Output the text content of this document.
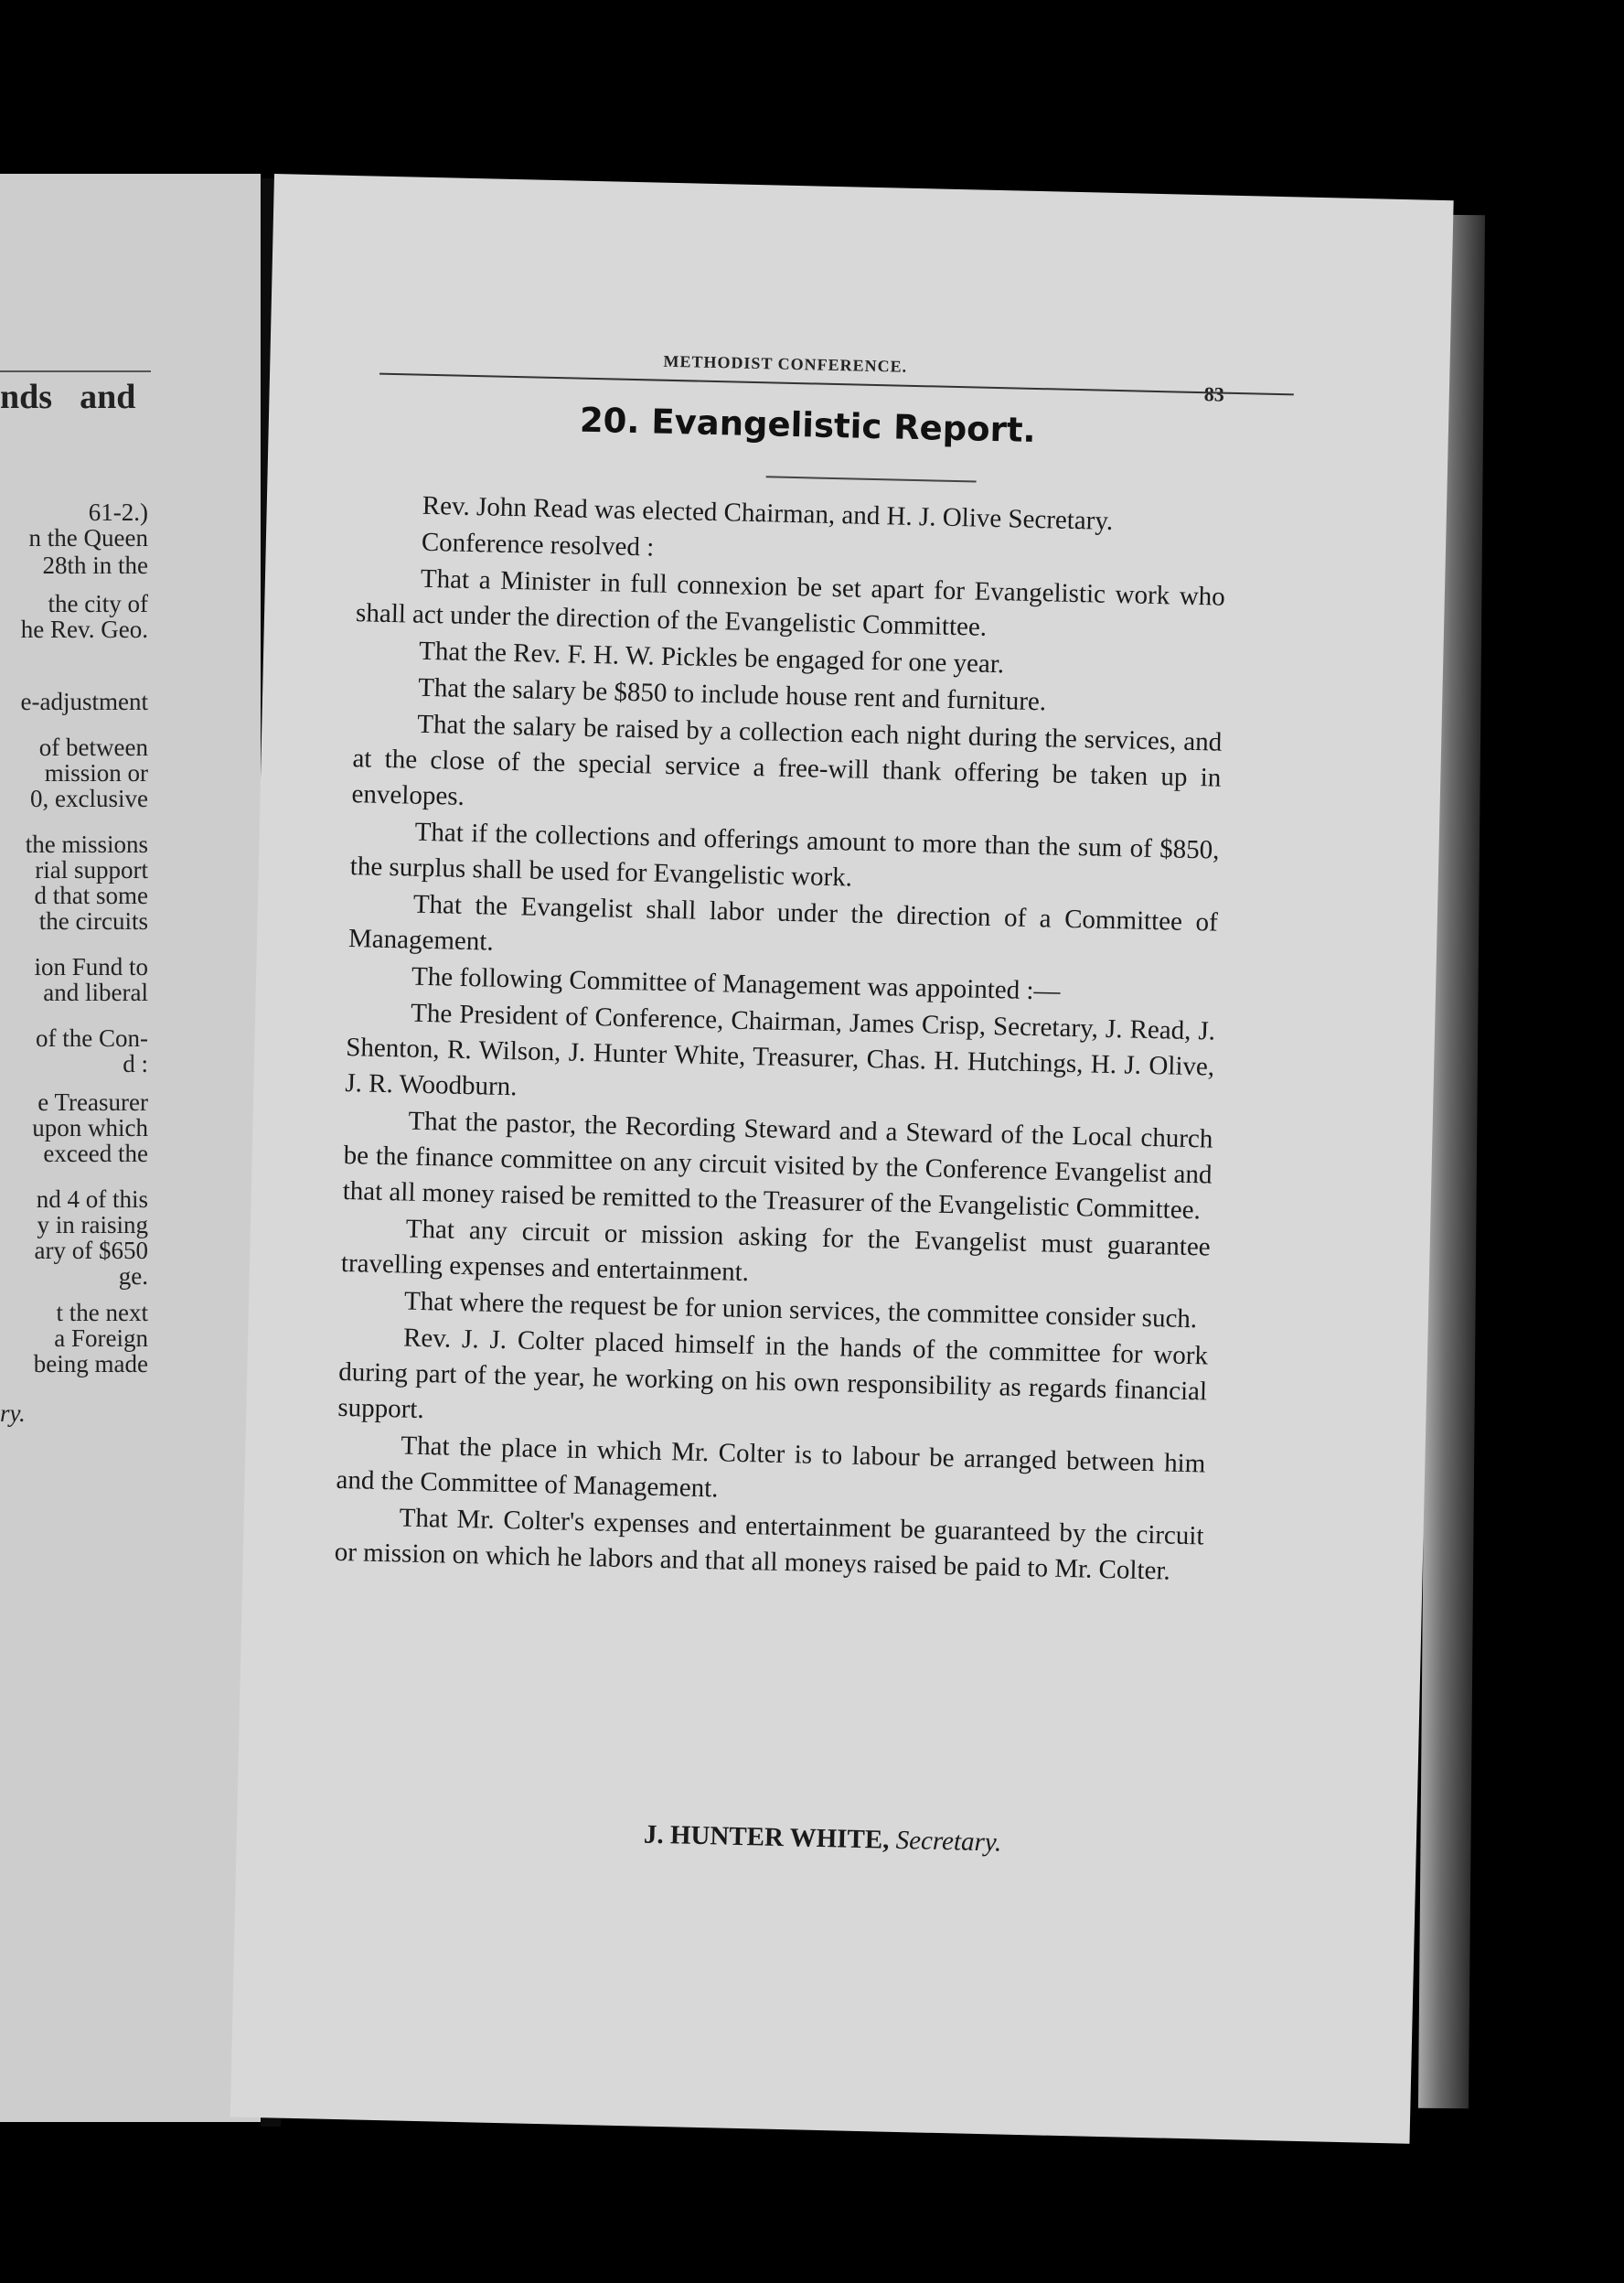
nds and
61-2.)
n the Queen
28th in the
the city of
he Rev. Geo.
e-adjustment
of between
mission or
0, exclusive
the missions
rial support
d that some
the circuits
ion Fund to
and liberal
of the Con-
d :
e Treasurer
upon which
exceed the
nd 4 of this
y in raising
ary of $650
ge.
t the next
a Foreign
being made
ry.
METHODIST CONFERENCE.
83
20. Evangelistic Report.

Rev. John Read was elected Chairman, and H. J. Olive Secretary.

Conference resolved :

That a Minister in full connexion be set apart for Evangelistic work who shall act under the direction of the Evangelistic Committee.

That the Rev. F. H. W. Pickles be engaged for one year.

That the salary be $850 to include house rent and furniture.

That the salary be raised by a collection each night during the services, and at the close of the special service a free-will thank offering be taken up in envelopes.

That if the collections and offerings amount to more than the sum of $850, the surplus shall be used for Evangelistic work.

That the Evangelist shall labor under the direction of a Committee of Management.

The following Committee of Management was appointed :—

The President of Conference, Chairman, James Crisp, Secretary, J. Read, J. Shenton, R. Wilson, J. Hunter White, Treasurer, Chas. H. Hutchings, H. J. Olive, J. R. Woodburn.

That the pastor, the Recording Steward and a Steward of the Local church be the finance committee on any circuit visited by the Conference Evangelist and that all money raised be remitted to the Treasurer of the Evangelistic Committee.

That any circuit or mission asking for the Evangelist must guarantee travelling expenses and entertainment.

That where the request be for union services, the committee consider such.

Rev. J. J. Colter placed himself in the hands of the committee for work during part of the year, he working on his own responsibility as regards financial support.

That the place in which Mr. Colter is to labour be arranged between him and the Committee of Management.

That Mr. Colter's expenses and entertainment be guaranteed by the circuit or mission on which he labors and that all moneys raised be paid to Mr. Colter.

J. HUNTER WHITE, Secretary.
